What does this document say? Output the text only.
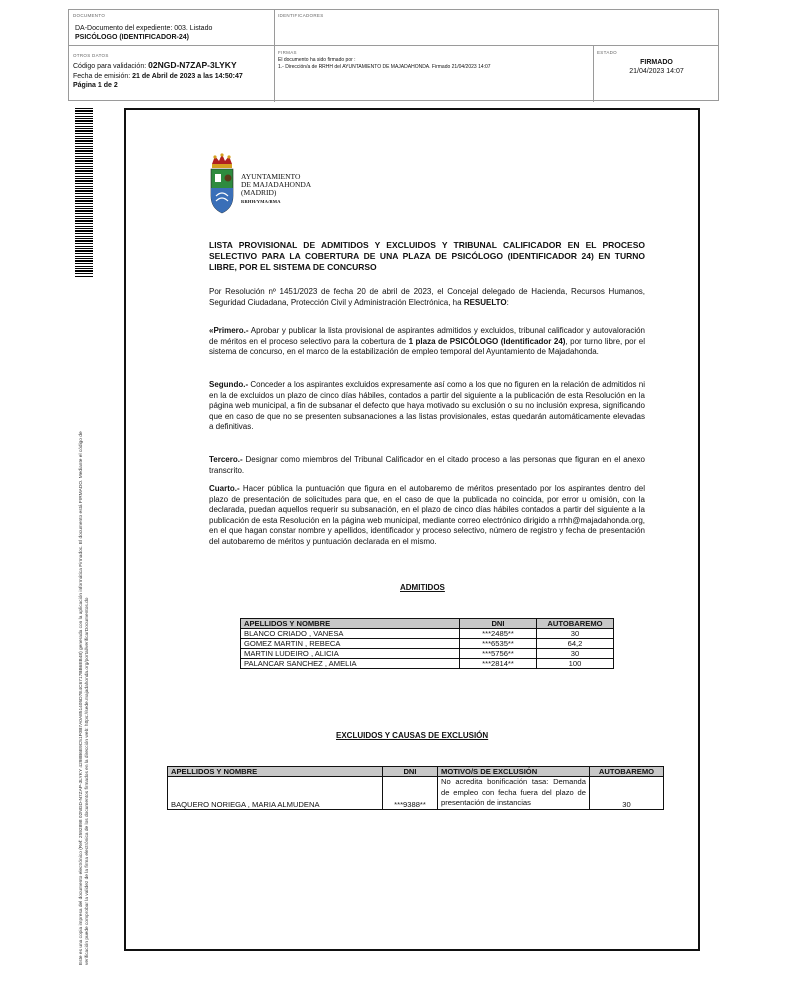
DOCUMENTO
DA-Documento del expediente: 003. Listado
PSICÓLOGO (IDENTIFICADOR-24)
IDENTIFICADORES
OTROS DATOS
Código para validación: 02NGD-N7ZAP-3LYKY
Fecha de emisión: 21 de Abril de 2023 a las 14:50:47
Página 1 de 2
FIRMAS
El documento ha sido firmado por :
1.- Dirección/a de RRHH del AYUNTAMIENTO DE MAJADAHONDA. Firmado 21/04/2023 14:07
ESTADO
FIRMADO
21/04/2023 14:07
Este es una copia impresa del documento electrónico (Ref: 2592898 02NGD-N7ZAP-3LYKY 4298B6E9C51F0B7A0A851405D7E4C6717BB6EB48) generada con la aplicación informática Firmadoc. El documento está FIRMADO. Mediante el código de verificación puede comprobar la validez de la firma electrónica de los documentos firmados en la dirección web: https://sede.majadahonda.org/portal/verificarDocumentos.do
AYUNTAMIENTO
DE MAJADAHONDA
(MADRID)
RRHH/YMA/BMA
LISTA PROVISIONAL DE ADMITIDOS Y EXCLUIDOS Y TRIBUNAL CALIFICADOR EN EL PROCESO SELECTIVO PARA LA COBERTURA DE UNA PLAZA DE PSICÓLOGO (IDENTIFICADOR 24) EN TURNO LIBRE, POR EL SISTEMA DE CONCURSO
Por Resolución nº 1451/2023 de fecha 20 de abril de 2023, el Concejal delegado de Hacienda, Recursos Humanos, Seguridad Ciudadana, Protección Civil y Administración Electrónica, ha RESUELTO:
«Primero.- Aprobar y publicar la lista provisional de aspirantes admitidos y excluidos, tribunal calificador y autovaloración de méritos en el proceso selectivo para la cobertura de 1 plaza de PSICÓLOGO (Identificador 24), por turno libre, por el sistema de concurso, en el marco de la estabilización de empleo temporal del Ayuntamiento de Majadahonda.
Segundo.- Conceder a los aspirantes excluidos expresamente así como a los que no figuren en la relación de admitidos ni en la de excluidos un plazo de cinco días hábiles, contados a partir del siguiente a la publicación de esta Resolución en la página web municipal, a fin de subsanar el defecto que haya motivado su exclusión o su no inclusión expresa, significando que en caso de que no se presenten subsanaciones a las listas provisionales, estas quedarán automáticamente elevadas a definitivas.
Tercero.- Designar como miembros del Tribunal Calificador en el citado proceso a las personas que figuran en el anexo transcrito.
Cuarto.- Hacer pública la puntuación que figura en el autobaremo de méritos presentado por los aspirantes dentro del plazo de presentación de solicitudes para que, en el caso de que la publicada no coincida, por error u omisión, con la declarada, puedan aquellos requerir su subsanación, en el plazo de cinco días hábiles contados a partir del siguiente a la publicación de esta Resolución en la página web municipal, mediante correo electrónico dirigido a rrhh@majadahonda.org, en el que hagan constar nombre y apellidos, identificador y proceso selectivo, número de registro y fecha de presentación del autobaremo de méritos y puntuación declarada en el mismo.
ADMITIDOS
APELLIDOS Y NOMBRE	DNI	AUTOBAREMO
BLANCO CRIADO , VANESA	***2485**	30
GOMEZ MARTIN , REBECA	***6535**	64,2
MARTIN LUDEIRO , ALICIA	***5756**	30
PALANCAR SANCHEZ , AMELIA	***2814**	100
EXCLUIDOS Y CAUSAS DE EXCLUSIÓN
APELLIDOS Y NOMBRE	DNI	MOTIVO/S DE EXCLUSIÓN	AUTOBAREMO
BAQUERO NORIEGA , MARIA ALMUDENA	***9388**	No acredita bonificación tasa: Demanda de empleo con fecha fuera del plazo de presentación de instancias	30
